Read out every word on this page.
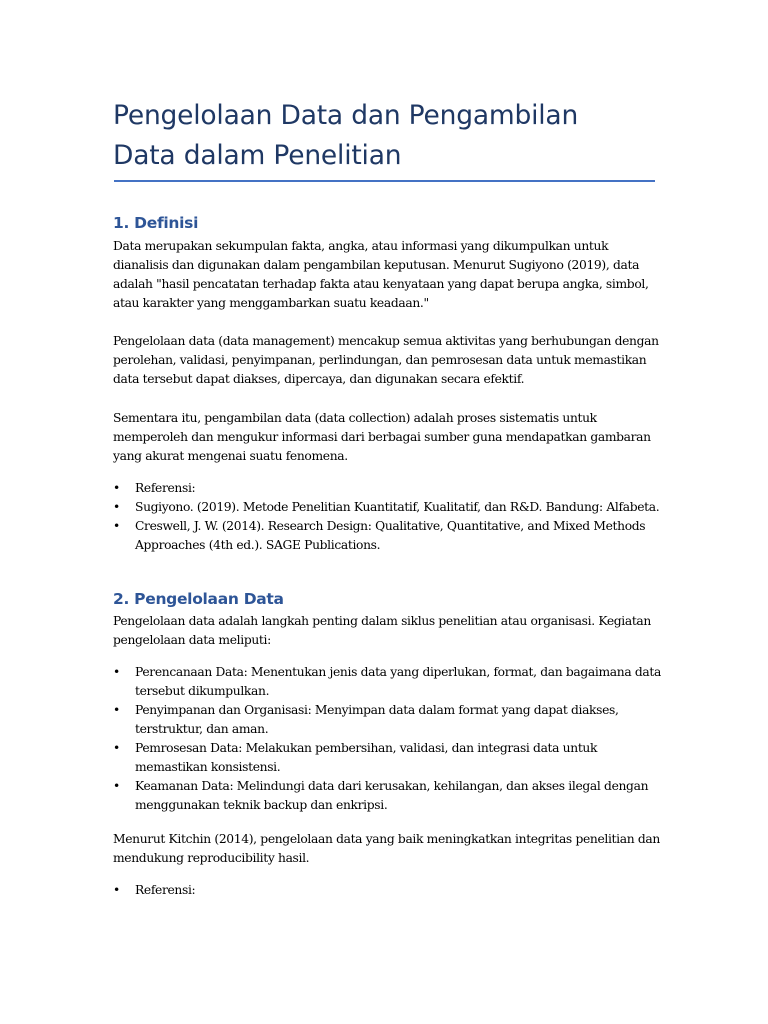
Pengelolaan Data dan Pengambilan
Data dalam Penelitian
1. Definisi

Data merupakan sekumpulan fakta, angka, atau informasi yang dikumpulkan untuk
dianalisis dan digunakan dalam pengambilan keputusan. Menurut Sugiyono (2019), data
adalah "hasil pencatatan terhadap fakta atau kenyataan yang dapat berupa angka, simbol,
atau karakter yang menggambarkan suatu keadaan."

Pengelolaan data (data management) mencakup semua aktivitas yang berhubungan dengan
perolehan, validasi, penyimpanan, perlindungan, dan pemrosesan data untuk memastikan
data tersebut dapat diakses, dipercaya, dan digunakan secara efektif.

Sementara itu, pengambilan data (data collection) adalah proses sistematis untuk
memperoleh dan mengukur informasi dari berbagai sumber guna mendapatkan gambaran
yang akurat mengenai suatu fenomena.

• Referensi:
• Sugiyono. (2019). Metode Penelitian Kuantitatif, Kualitatif, dan R&D. Bandung: Alfabeta.
• Creswell, J. W. (2014). Research Design: Qualitative, Quantitative, and Mixed Methods
Approaches (4th ed.). SAGE Publications.
2. Pengelolaan Data

Pengelolaan data adalah langkah penting dalam siklus penelitian atau organisasi. Kegiatan
pengelolaan data meliputi:

• Perencanaan Data: Menentukan jenis data yang diperlukan, format, dan bagaimana data
tersebut dikumpulkan.
• Penyimpanan dan Organisasi: Menyimpan data dalam format yang dapat diakses,
terstruktur, dan aman.
• Pemrosesan Data: Melakukan pembersihan, validasi, dan integrasi data untuk
memastikan konsistensi.
• Keamanan Data: Melindungi data dari kerusakan, kehilangan, dan akses ilegal dengan
menggunakan teknik backup dan enkripsi.

Menurut Kitchin (2014), pengelolaan data yang baik meningkatkan integritas penelitian dan
mendukung reproducibility hasil.

• Referensi:
